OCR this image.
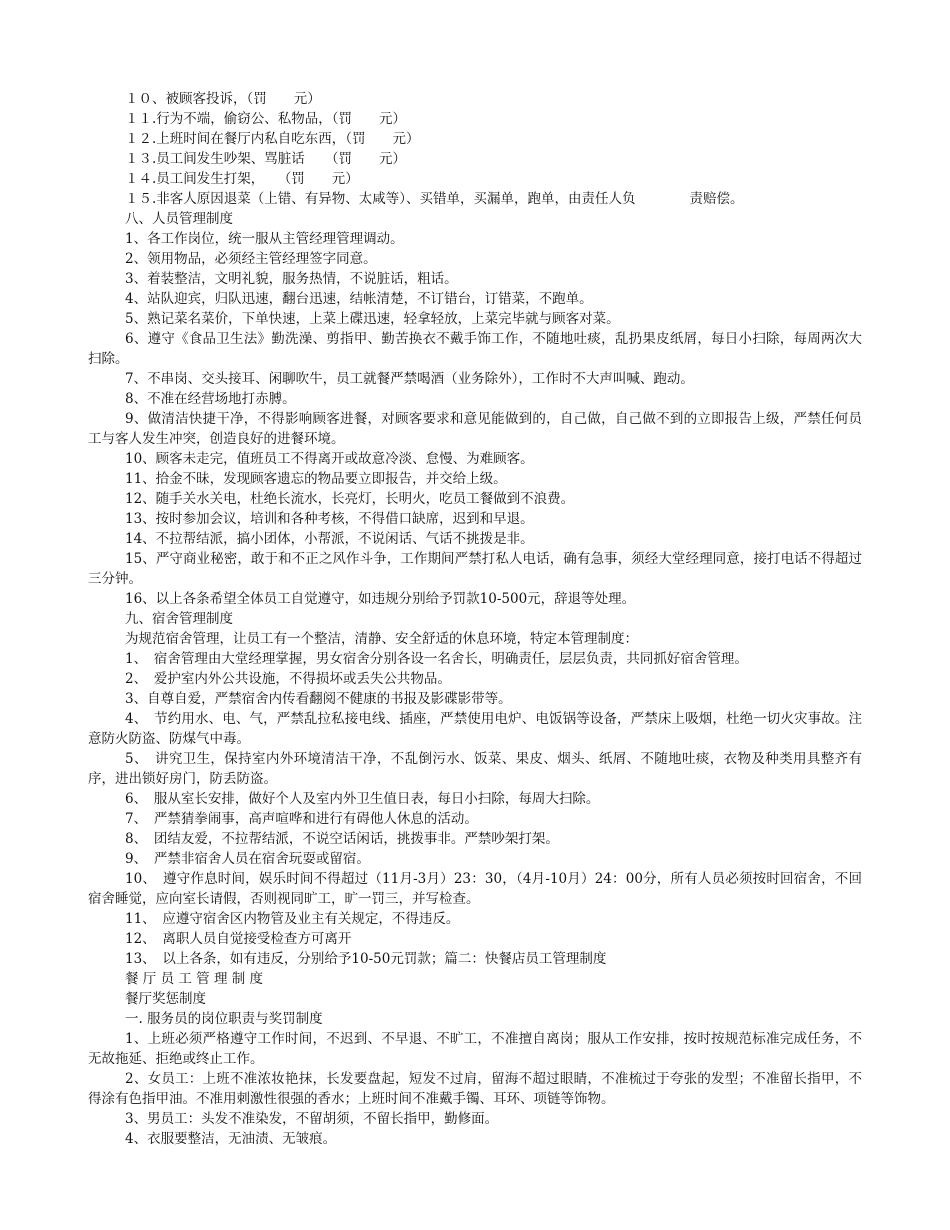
１０、被顾客投诉，（罚　　元）
１１.行为不端，偷窃公、私物品，（罚　　元）
１２.上班时间在餐厅内私自吃东西，（罚　　元）
１３.员工间发生吵架、骂脏话　　（罚　　元）
１４.员工间发生打架，　　（罚　　元）
１５.非客人原因退菜（上错、有异物、太咸等）、买错单，买漏单，跑单，由责任人负　　　　责赔偿。
八、人员管理制度
1、各工作岗位，统一服从主管经理管理调动。
2、领用物品，必须经主管经理签字同意。
3、着装整洁，文明礼貌，服务热情，不说脏话，粗话。
4、站队迎宾，归队迅速，翻台迅速，结帐清楚，不订错台，订错菜，不跑单。
5、熟记菜名菜价，下单快速，上菜上碟迅速，轻拿轻放，上菜完毕就与顾客对菜。
6、遵守《食品卫生法》勤洗澡、剪指甲、勤苦换衣不戴手饰工作，不随地吐痰，乱扔果皮纸屑，每日小扫除，每周两次大扫除。
7、不串岗、交头接耳、闲聊吹牛，员工就餐严禁喝酒（业务除外），工作时不大声叫喊、跑动。
8、不准在经营场地打赤膊。
9、做清洁快捷干净，不得影响顾客进餐，对顾客要求和意见能做到的，自己做，自己做不到的立即报告上级，严禁任何员工与客人发生冲突，创造良好的进餐环境。
10、顾客未走完，值班员工不得离开或故意冷淡、怠慢、为难顾客。
11、拾金不昧，发现顾客遗忘的物品要立即报告，并交给上级。
12、随手关水关电，杜绝长流水，长亮灯，长明火，吃员工餐做到不浪费。
13、按时参加会议，培训和各种考核，不得借口缺席，迟到和早退。
14、不拉帮结派，搞小团体，小帮派，不说闲话、气话不挑拨是非。
15、严守商业秘密，敢于和不正之风作斗争，工作期间严禁打私人电话，确有急事，须经大堂经理同意，接打电话不得超过三分钟。
16、以上各条希望全体员工自觉遵守，如违规分别给予罚款10-500元，辞退等处理。
九、宿舍管理制度
为规范宿舍管理，让员工有一个整洁，清静、安全舒适的休息环境，特定本管理制度：
1、　宿舍管理由大堂经理掌握，男女宿舍分别各设一名舍长，明确责任，层层负责，共同抓好宿舍管理。
2、　爱护室内外公共设施，不得损坏或丢失公共物品。
3、自尊自爱，严禁宿舍内传看翻阅不健康的书报及影碟影带等。
4、　节约用水、电、气，严禁乱拉私接电线、插座，严禁使用电炉、电饭锅等设备，严禁床上吸烟，杜绝一切火灾事故。注意防火防盗、防煤气中毒。
5、　讲究卫生，保持室内外环境清洁干净，不乱倒污水、饭菜、果皮、烟头、纸屑、不随地吐痰，衣物及种类用具整齐有序，进出锁好房门，防丢防盗。
6、　服从室长安排，做好个人及室内外卫生值日表，每日小扫除，每周大扫除。
7、　严禁猜拳闹事，高声喧哗和进行有碍他人休息的活动。
8、　团结友爱，不拉帮结派，不说空话闲话，挑拨事非。严禁吵架打架。
9、　严禁非宿舍人员在宿舍玩耍或留宿。
10、　遵守作息时间，娱乐时间不得超过（11月-3月）23：30，（4月-10月）24：00分，所有人员必须按时回宿舍，不回宿舍睡觉，应向室长请假，否则视同旷工，旷一罚三，并写检查。
11、　应遵守宿舍区内物管及业主有关规定，不得违反。
12、　离职人员自觉接受检查方可离开
13、　以上各条，如有违反，分别给予10-50元罚款；篇二：快餐店员工管理制度
餐 厅 员 工 管 理 制 度
餐厅奖惩制度
一. 服务员的岗位职责与奖罚制度
1、上班必须严格遵守工作时间，不迟到、不早退、不旷工，不准擅自离岗；服从工作安排，按时按规范标准完成任务，不无故拖延、拒绝或终止工作。
2、女员工：上班不准浓妆艳抹，长发要盘起，短发不过肩，留海不超过眼睛，不准梳过于夸张的发型；不准留长指甲，不得涂有色指甲油。不准用刺激性很强的香水；上班时间不准戴手镯、耳环、项链等饰物。
3、男员工：头发不准染发，不留胡须，不留长指甲，勤修面。
4、衣服要整洁，无油渍、无皱痕。
